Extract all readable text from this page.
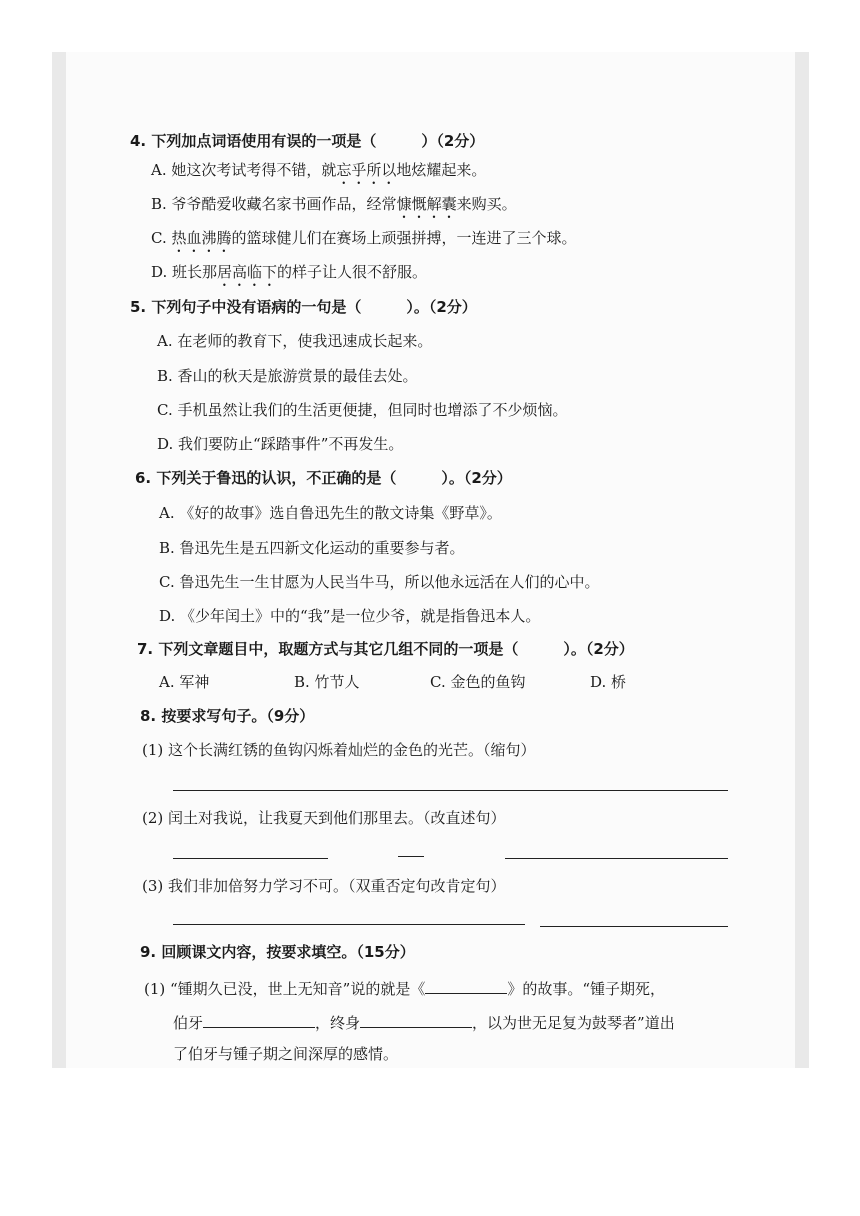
4. 下列加点词语使用有误的一项是（　　　）（2分）
A. 她这次考试考得不错，就忘乎所以地炫耀起来。
B. 爷爷酷爱收藏名家书画作品，经常慷慨解囊来购买。
C. 热血沸腾的篮球健儿们在赛场上顽强拼搏，一连进了三个球。
D. 班长那居高临下的样子让人很不舒服。
5. 下列句子中没有语病的一句是（　　　）。（2分）
A. 在老师的教育下，使我迅速成长起来。
B. 香山的秋天是旅游赏景的最佳去处。
C. 手机虽然让我们的生活更便捷，但同时也增添了不少烦恼。
D. 我们要防止“踩踏事件”不再发生。
6. 下列关于鲁迅的认识，不正确的是（　　　）。（2分）
A. 《好的故事》选自鲁迅先生的散文诗集《野草》。
B. 鲁迅先生是五四新文化运动的重要参与者。
C. 鲁迅先生一生甘愿为人民当牛马，所以他永远活在人们的心中。
D. 《少年闰土》中的“我”是一位少爷，就是指鲁迅本人。
7. 下列文章题目中，取题方式与其它几组不同的一项是（　　　）。（2分）
A. 军神	B. 竹节人	C. 金色的鱼钩	D. 桥
8. 按要求写句子。（9分）
(1) 这个长满红锈的鱼钩闪烁着灿烂的金色的光芒。（缩句）
(2) 闰土对我说，让我夏天到他们那里去。（改直述句）
(3) 我们非加倍努力学习不可。（双重否定句改肯定句）
9. 回顾课文内容，按要求填空。（15分）
(1) “锺期久已没，世上无知音”说的就是《	》的故事。“锺子期死，
伯牙	，终身	，以为世无足复为鼓琴者”道出
了伯牙与锺子期之间深厚的感情。
